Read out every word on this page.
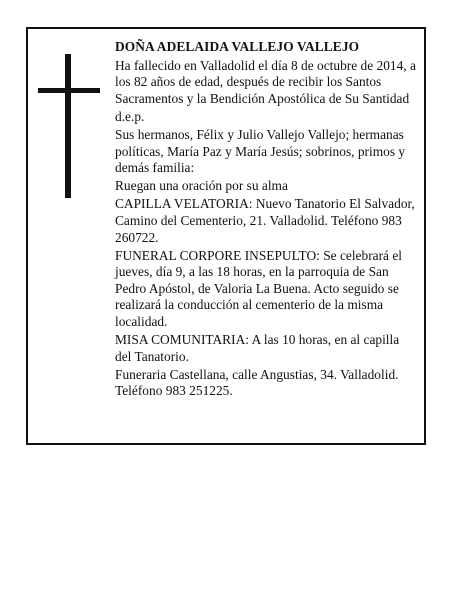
DOÑA ADELAIDA VALLEJO VALLEJO

Ha fallecido en Valladolid el día 8 de octubre de 2014, a los 82 años de edad, después de recibir los Santos Sacramentos y la Bendición Apostólica de Su Santidad

d.e.p.

Sus hermanos, Félix y Julio Vallejo Vallejo; hermanas políticas, María Paz y María Jesús; sobrinos, primos y demás familia:

Ruegan una oración por su alma

CAPILLA VELATORIA: Nuevo Tanatorio El Salvador, Camino del Cementerio, 21. Valladolid. Teléfono 983 260722.

FUNERAL CORPORE INSEPULTO: Se celebrará el jueves, día 9, a las 18 horas, en la parroquia de San Pedro Apóstol, de Valoria La Buena. Acto seguido se realizará la conducción al cementerio de la misma localidad.

MISA COMUNITARIA: A las 10 horas, en al capilla del Tanatorio.

Funeraria Castellana, calle Angustias, 34. Valladolid. Teléfono 983 251225.
